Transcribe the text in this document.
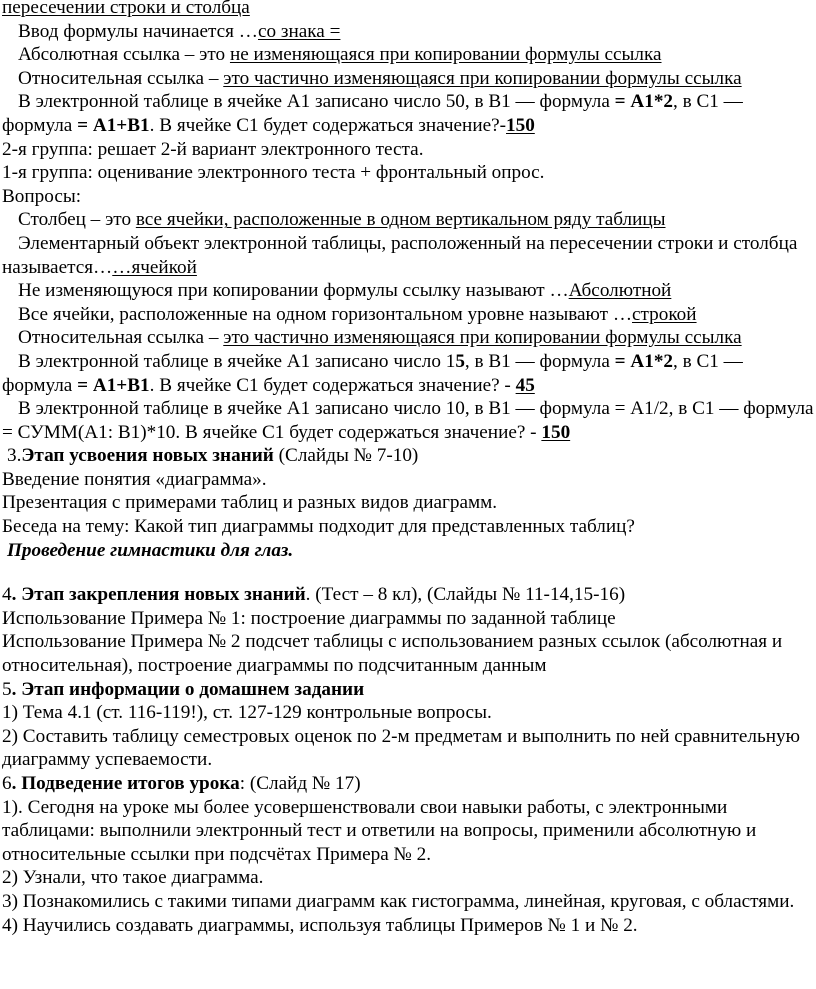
пересечении строки и столбца

Ввод формулы начинается …со знака =

Абсолютная ссылка – это не изменяющаяся при копировании формулы ссылка

Относительная ссылка – это частично изменяющаяся при копировании формулы ссылка

В электронной таблице в ячейке А1 записано число 50, в В1 — формула = А1*2, в С1 — формула = А1+В1. В ячейке С1 будет содержаться значение?-150

2-я группа: решает 2-й вариант электронного теста.

1-я группа: оценивание электронного теста + фронтальный опрос.

Вопросы:

Столбец – это все ячейки, расположенные в одном вертикальном ряду таблицы

Элементарный объект электронной таблицы, расположенный на пересечении строки и столбца называется……ячейкой

Не изменяющуюся при копировании формулы ссылку называют …Абсолютной

Все ячейки, расположенные на одном горизонтальном уровне называют …строкой

Относительная ссылка – это частично изменяющаяся при копировании формулы ссылка

В электронной таблице в ячейке А1 записано число 15, в В1 — формула = А1*2, в С1 — формула = А1+В1. В ячейке С1 будет содержаться значение? - 45

В электронной таблице в ячейке А1 записано число 10, в В1 — формула = А1/2, в С1 — формула = СУММ(А1: В1)*10. В ячейке С1 будет содержаться значение? - 150

3.Этап усвоения новых знаний (Слайды № 7-10)

Введение понятия «диаграмма».

Презентация с примерами таблиц и разных видов диаграмм.

Беседа на тему: Какой тип диаграммы подходит для представленных таблиц?

Проведение гимнастики для глаз.

4. Этап закрепления новых знаний. (Тест – 8 кл), (Слайды № 11-14,15-16)

Использование Примера № 1: построение диаграммы по заданной таблице

Использование Примера № 2 подсчет таблицы с использованием разных ссылок (абсолютная и относительная), построение диаграммы по подсчитанным данным

5. Этап информации о домашнем задании

1) Тема 4.1 (ст. 116-119!), ст. 127-129 контрольные вопросы.

2) Составить таблицу семестровых оценок по 2-м предметам и выполнить по ней сравнительную диаграмму успеваемости.

6. Подведение итогов урока: (Слайд № 17)

1). Сегодня на уроке мы более усовершенствовали свои навыки работы, с электронными таблицами: выполнили электронный тест и ответили на вопросы, применили абсолютную и относительные ссылки при подсчётах Примера № 2.

2) Узнали, что такое диаграмма.

3) Познакомились с такими типами диаграмм как гистограмма, линейная, круговая, с областями.

4) Научились создавать диаграммы, используя таблицы Примеров № 1 и № 2.
